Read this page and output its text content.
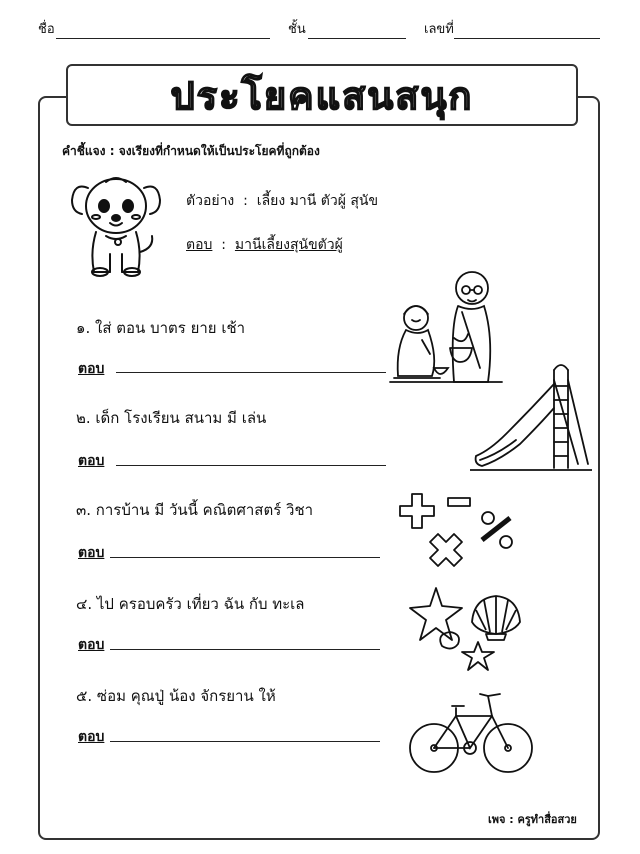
ชื่อ	ชั้น	เลขที่
ประโยคแสนสนุก
คำชี้แจง : จงเรียงที่กำหนดให้เป็นประโยคที่ถูกต้อง
ตัวอย่าง : เลี้ยง มานี ตัวผู้ สุนัข
ตอบ : มานีเลี้ยงสุนัขตัวผู้
๑. ใส่ ตอน บาตร ยาย เช้า
ตอบ
๒. เด็ก โรงเรียน สนาม มี เล่น
ตอบ
๓. การบ้าน มี วันนี้ คณิตศาสตร์ วิชา
ตอบ
๔. ไป ครอบครัว เที่ยว ฉัน กับ ทะเล
ตอบ
๕. ซ่อม คุณปู่ น้อง จักรยาน ให้
ตอบ
เพจ : ครูทำสื่อสวย
